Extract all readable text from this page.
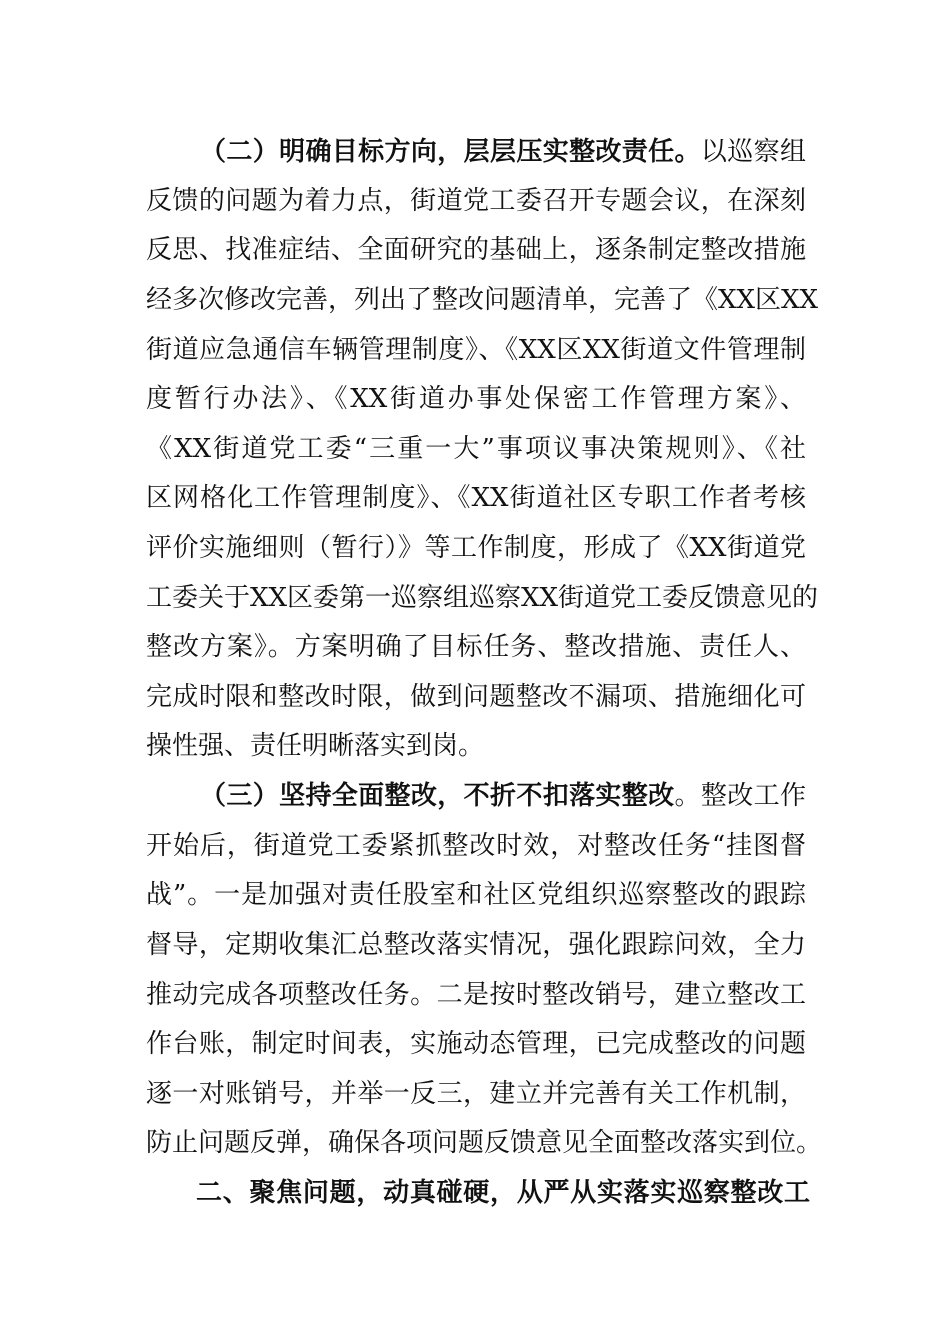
（二）明确目标方向，层层压实整改责任。以巡察组
反馈的问题为着力点，街道党工委召开专题会议，在深刻
反思、找准症结、全面研究的基础上，逐条制定整改措施
经多次修改完善，列出了整改问题清单，完善了《XX区XX
街道应急通信车辆管理制度》、《XX区XX街道文件管理制
度暂行办法》、《XX街道办事处保密工作管理方案》、
《XX街道党工委“三重一大”事项议事决策规则》、《社
区网格化工作管理制度》、《XX街道社区专职工作者考核
评价实施细则（暂行）》等工作制度，形成了《XX街道党
工委关于XX区委第一巡察组巡察XX街道党工委反馈意见的
整改方案》。方案明确了目标任务、整改措施、责任人、
完成时限和整改时限，做到问题整改不漏项、措施细化可
操性强、责任明晰落实到岗。
（三）坚持全面整改，不折不扣落实整改。整改工作
开始后，街道党工委紧抓整改时效，对整改任务“挂图督
战”。一是加强对责任股室和社区党组织巡察整改的跟踪
督导，定期收集汇总整改落实情况，强化跟踪问效，全力
推动完成各项整改任务。二是按时整改销号，建立整改工
作台账，制定时间表，实施动态管理，已完成整改的问题
逐一对账销号，并举一反三，建立并完善有关工作机制，
防止问题反弹，确保各项问题反馈意见全面整改落实到位。
二、聚焦问题，动真碰硬，从严从实落实巡察整改工
